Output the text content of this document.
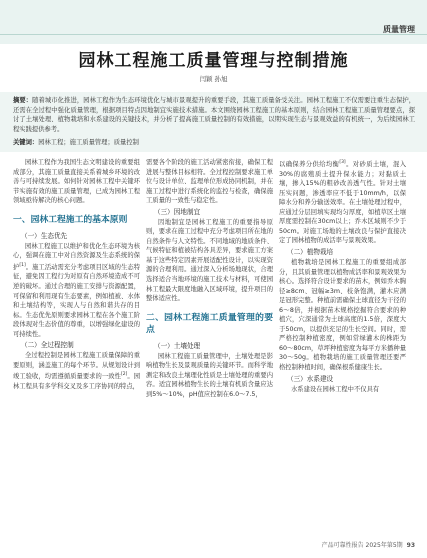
质量管理
园林工程施工质量管理与控制措施
闫颖 孙旭
摘要：随着城市化推进，园林工程作为生态环境优化与城市景观提升的重要手段，其施工质量备受关注。园林工程施工不仅需要注重生态保护，还需在全过程中强化质量管理，根据项目特点因地制宜实施技术措施。本文围绕园林工程施工的基本原则，结合园林工程施工质量管理要点，探讨了土壤处理、植物栽培和水系建设的关键技术，并分析了提高施工质量控制的有效措施，以期实现生态与景观效益的有机统一，为后续园林工程实践提供参考。
关键词：园林工程；施工质量管理；质量控制

园林工程作为我国生态文明建设的重要组成部分，其施工质量直接关系着城乡环境的改善与可持续发展。如何针对园林工程中关键环节实施有效的施工质量管理，已成为园林工程领域亟待解决的核心问题。

一、园林工程施工的基本原则
（一）生态优先

园林工程施工以维护和优化生态环境为核心，强调在施工中对自然资源及生态系统的保护[1]。施工活动需充分考虑项目区域的生态特征，避免因工程行为对原有自然环境造成不可逆的破坏。通过合理的施工安排与资源配置，可保留和利用现有生态要素，例如植被、水体和土壤结构等，实现人与自然和谐共存的目标。生态优先原则要求园林工程在各个施工阶段体现对生态价值的尊重，以增强绿化建设的可持续性。

（二）全过程控制

全过程控制是园林工程施工质量保障的重要原则，涵盖施工的每个环节。从规划设计到竣工验收，均需遵循质量要求的一致性[2]。园林工程具有多学科交叉及多工序协同的特点，

需要各个阶段的施工活动紧密衔接，确保工程进展与整体目标相符。全过程控制要求施工单位与设计单位、监理单位形成协同机制，并在施工过程中进行系统化的监控与检查，确保施工质量的一致性与稳定性。

（三）因地制宜

因地制宜是园林工程施工的重要指导原则，要求在施工过程中充分考虑项目所在地的自然条件与人文特性。不同地域的地质条件、气候特征和植被结构各具差异，要求施工方案基于这些特定因素开展适配性设计，以实现资源的合理利用。通过深入分析场地现状，合理选择适合当地环境的施工技术与材料，可使园林工程最大限度地融入区域环境，提升项目的整体适应性。

二、园林工程施工质量管理的要点
（一）土壤处理

园林工程施工质量管理中，土壤处理是影响植物生长及景观质量的关键环节。而科学地测定和改良土壤理化性质是土壤处理的重要内容。适宜园林植物生长的土壤有机质含量应达到5%～10%，pH值应控制在6.0～7.5，

以确保养分供给均衡[3]。对砂质土壤，混入30%的腐殖质土提升保水能力；对黏质土壤，掺入15%的粗砂改善透气性。针对土壤压实问题，渗透率应不低于10mm/h，以保障水分和养分输送效率。在土壤处理过程中，应通过分层回填实现均匀厚度，如植草区土壤厚度需控制在30cm以上；乔木区域则不少于50cm。对施工场地的土壤改良与保护直接决定了园林植物的成活率与景观效果。

（二）植物栽培

植物栽培是园林工程施工的重要组成部分，且其质量管理以植物成活率和景观效果为核心。选择符合设计要求的苗木，例如乔木胸径≥8cm、冠幅≥3m、枝条饱满，灌木应满足冠形完整。种植前需确保土球直径为干径的6～8倍，并根据苗木规格挖掘符合要求的种植穴，穴深通常为土球高度的1.5倍，深度大于50cm，以提供充足的生长空间。同时，需严格控制种植密度，例如常绿灌木的株距为60～80cm，草坪种植密度为每平方米播种量30～50g。植物栽培的施工质量管理还要严格控制种植时间，确保根系健康生长。

（三）水系建设

水系建设在园林工程中不仅具有

产品可靠性报告 2025年第5期 93
